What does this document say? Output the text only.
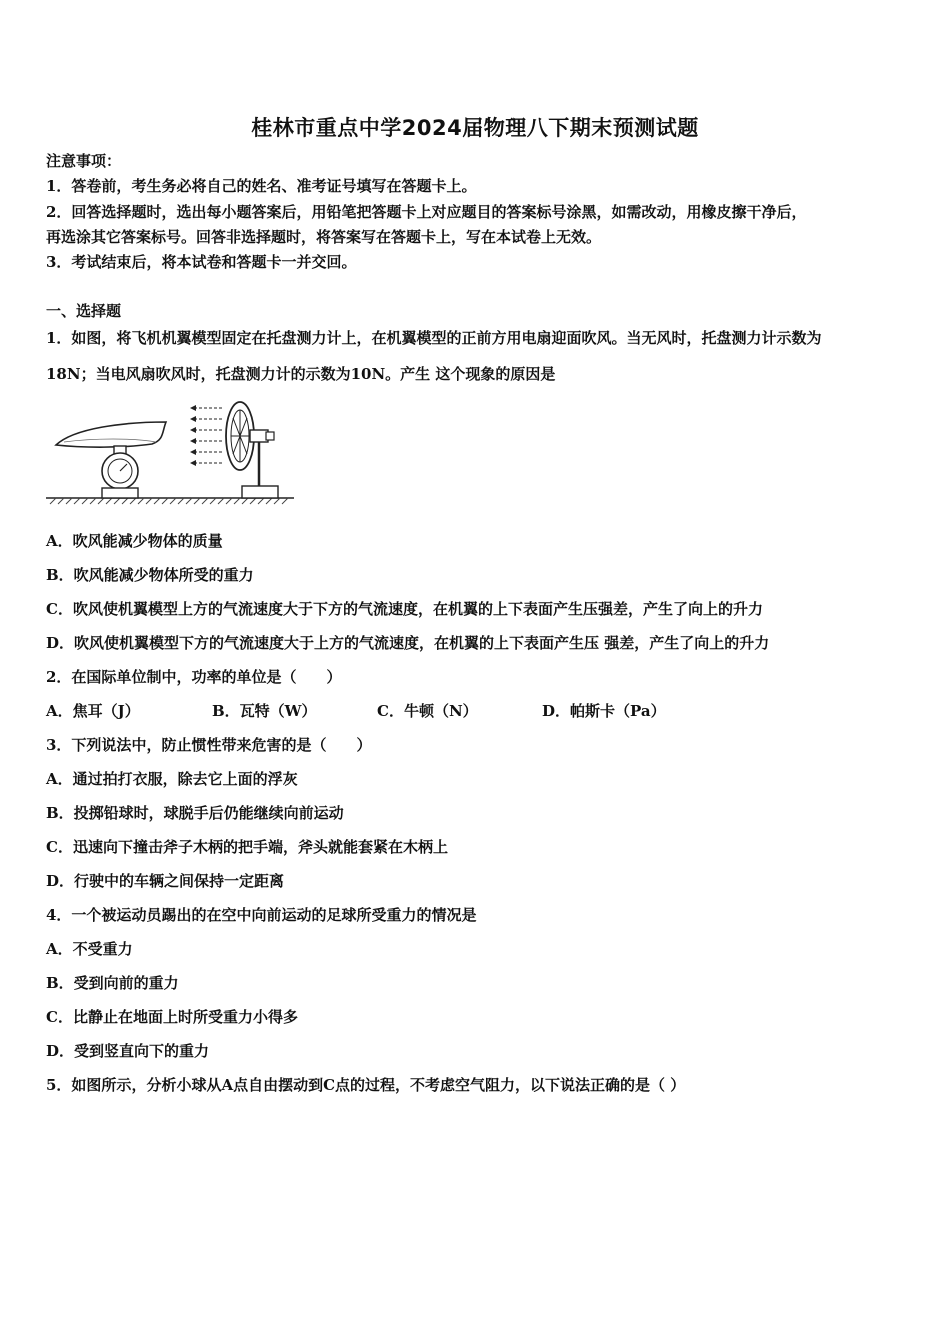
桂林市重点中学2024届物理八下期末预测试题
注意事项：
1．答卷前，考生务必将自己的姓名、准考证号填写在答题卡上。
2．回答选择题时，选出每小题答案后，用铅笔把答题卡上对应题目的答案标号涂黑，如需改动，用橡皮擦干净后，
再选涂其它答案标号。回答非选择题时，将答案写在答题卡上，写在本试卷上无效。
3．考试结束后，将本试卷和答题卡一并交回。
一、选择题
1．如图，将飞机机翼模型固定在托盘测力计上，在机翼模型的正前方用电扇迎面吹风。当无风时，托盘测力计示数为
18N；当电风扇吹风时，托盘测力计的示数为10N。产生 这个现象的原因是
A．吹风能减少物体的质量
B．吹风能减少物体所受的重力
C．吹风使机翼模型上方的气流速度大于下方的气流速度，在机翼的上下表面产生压强差，产生了向上的升力
D．吹风使机翼模型下方的气流速度大于上方的气流速度，在机翼的上下表面产生压 强差，产生了向上的升力
2．在国际单位制中，功率的单位是（　　）
A．焦耳（J）	B．瓦特（W）	C．牛顿（N）	D．帕斯卡（Pa）
3．下列说法中，防止惯性带来危害的是（　　）
A．通过拍打衣服，除去它上面的浮灰
B．投掷铅球时，球脱手后仍能继续向前运动
C．迅速向下撞击斧子木柄的把手端，斧头就能套紧在木柄上
D．行驶中的车辆之间保持一定距离
4．一个被运动员踢出的在空中向前运动的足球所受重力的情况是
A．不受重力
B．受到向前的重力
C．比静止在地面上时所受重力小得多
D．受到竖直向下的重力
5．如图所示，分析小球从A点自由摆动到C点的过程，不考虑空气阻力，以下说法正确的是（ ）
